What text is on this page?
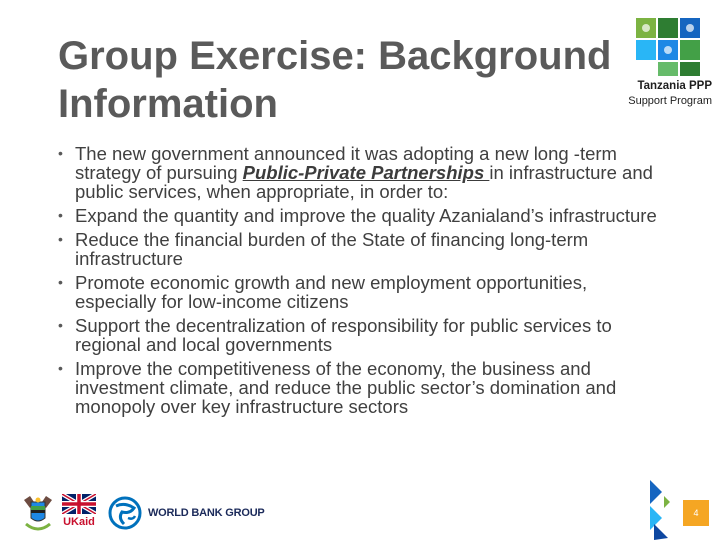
Group Exercise: Background Information	Tanzania PPP
Support Program
• The new government announced it was adopting a new long -term strategy of pursuing Public-Private Partnerships in infrastructure and public services, when appropriate, in order to:
• Expand the quantity and improve the quality Azanialand’s infrastructure
• Reduce the financial burden of the State of financing long-term infrastructure
• Promote economic growth and new employment opportunities, especially for low-income citizens
• Support the decentralization of responsibility for public services to regional and local governments
• Improve the competitiveness of the economy, the business and investment climate, and reduce the public sector’s domination and monopoly over key infrastructure sectors
UKaid
WORLD BANK GROUP	4
